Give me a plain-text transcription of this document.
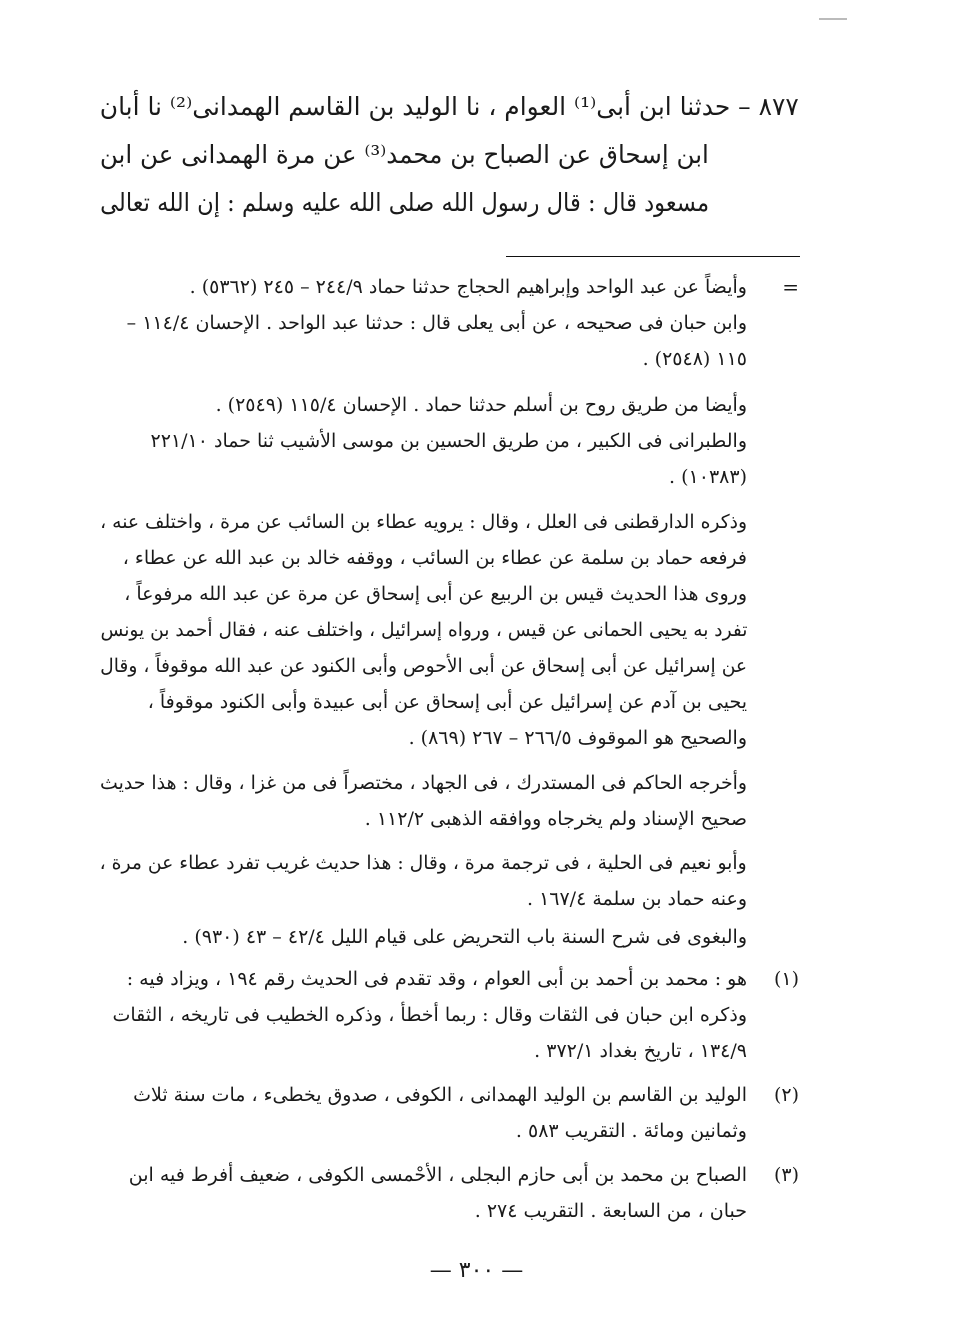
٨٧٧ – حدثنا ابن أبى⁽¹⁾ العوام ، نا الوليد بن القاسم الهمدانى⁽²⁾ نا أبان
ابن إسحاق عن الصباح بن محمد⁽³⁾ عن مرة الهمدانى عن ابن
مسعود قال : قال رسول الله صلى الله عليه وسلم : إن الله تعالى
=
وأيضاً عن عبد الواحد وإبراهيم الحجاج حدثنا حماد ٢٤٤/٩ – ٢٤٥ (٥٣٦٢) .
وابن حبان فى صحيحه ، عن أبى يعلى قال : حدثنا عبد الواحد . الإحسان ١١٤/٤ –
١١٥ (٢٥٤٨) .
وأيضا من طريق روح بن أسلم حدثنا حماد . الإحسان ١١٥/٤ (٢٥٤٩) .
والطبرانى فى الكبير ، من طريق الحسين بن موسى الأشيب ثنا حماد ٢٢١/١٠
(١٠٣٨٣) .
وذكره الدارقطنى فى العلل ، وقال : يرويه عطاء بن السائب عن مرة ، واختلف عنه ،
فرفعه حماد بن سلمة عن عطاء بن السائب ، ووقفه خالد بن عبد الله عن عطاء ،
وروى هذا الحديث قيس بن الربيع عن أبى إسحاق عن مرة عن عبد الله مرفوعاً ،
تفرد به يحيى الحمانى عن قيس ، ورواه إسرائيل ، واختلف عنه ، فقال أحمد بن يونس
عن إسرائيل عن أبى إسحاق عن أبى الأحوص وأبى الكنود عن عبد الله موقوفاً ، وقال
يحيى بن آدم عن إسرائيل عن أبى إسحاق عن أبى عبيدة وأبى الكنود موقوفاً ،
والصحيح هو الموقوف ٢٦٦/٥ – ٢٦٧ (٨٦٩) .
وأخرجه الحاكم فى المستدرك ، فى الجهاد ، مختصراً فى من غزا ، وقال : هذا حديث
صحيح الإسناد ولم يخرجاه ووافقه الذهبى ١١٢/٢ .
وأبو نعيم فى الحلية ، فى ترجمة مرة ، وقال : هذا حديث غريب تفرد عطاء عن مرة ،
وعنه حماد بن سلمة ١٦٧/٤ .
والبغوى فى شرح السنة باب التحريض على قيام الليل ٤٢/٤ – ٤٣ (٩٣٠) .
(١)
هو : محمد بن أحمد بن أبى العوام ، وقد تقدم فى الحديث رقم ١٩٤ ، ويزاد فيه :
وذكره ابن حبان فى الثقات وقال : ربما أخطأ ، وذكره الخطيب فى تاريخه ، الثقات
١٣٤/٩ ، تاريخ بغداد ٣٧٢/١ .
(٢)
الوليد بن القاسم بن الوليد الهمدانى ، الكوفى ، صدوق يخطىء ، مات سنة ثلاث
وثمانين ومائة . التقريب ٥٨٣ .
(٣)
الصباح بن محمد بن أبى حازم البجلى ، الأحْمسى الكوفى ، ضعيف أفرط فيه ابن
حبان ، من السابعة . التقريب ٢٧٤ .
— ٣٠٠ —
